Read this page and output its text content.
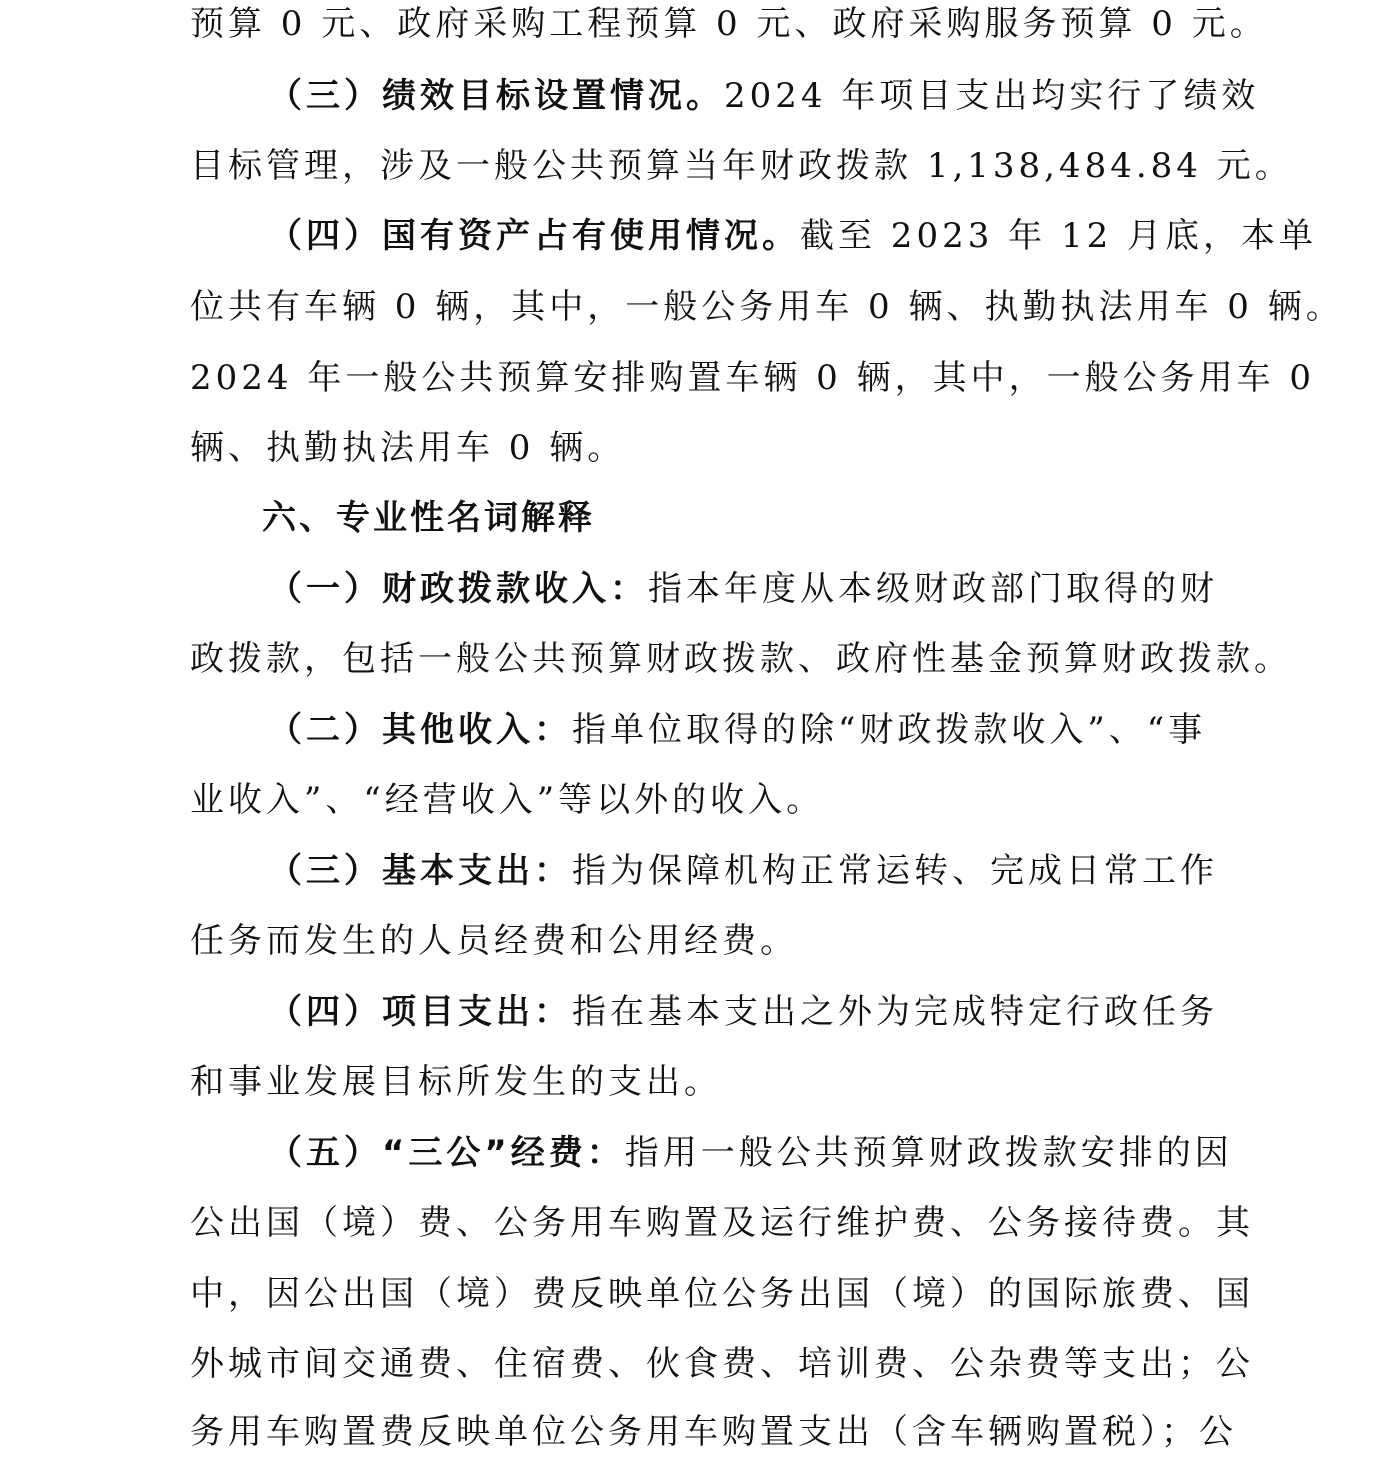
预算 0 元、政府采购工程预算 0 元、政府采购服务预算 0 元。
（三）绩效目标设置情况。2024 年项目支出均实行了绩效
目标管理，涉及一般公共预算当年财政拨款 1,138,484.84 元。
（四）国有资产占有使用情况。截至 2023 年 12 月底，本单
位共有车辆 0 辆，其中，一般公务用车 0 辆、执勤执法用车 0 辆。
2024 年一般公共预算安排购置车辆 0 辆，其中，一般公务用车 0
辆、执勤执法用车 0 辆。
六、专业性名词解释
（一）财政拨款收入：指本年度从本级财政部门取得的财
政拨款，包括一般公共预算财政拨款、政府性基金预算财政拨款。
（二）其他收入：指单位取得的除“财政拨款收入”、“事
业收入”、“经营收入”等以外的收入。
（三）基本支出：指为保障机构正常运转、完成日常工作
任务而发生的人员经费和公用经费。
（四）项目支出：指在基本支出之外为完成特定行政任务
和事业发展目标所发生的支出。
（五）“三公”经费：指用一般公共预算财政拨款安排的因
公出国（境）费、公务用车购置及运行维护费、公务接待费。其
中，因公出国（境）费反映单位公务出国（境）的国际旅费、国
外城市间交通费、住宿费、伙食费、培训费、公杂费等支出；公
务用车购置费反映单位公务用车购置支出（含车辆购置税）；公
